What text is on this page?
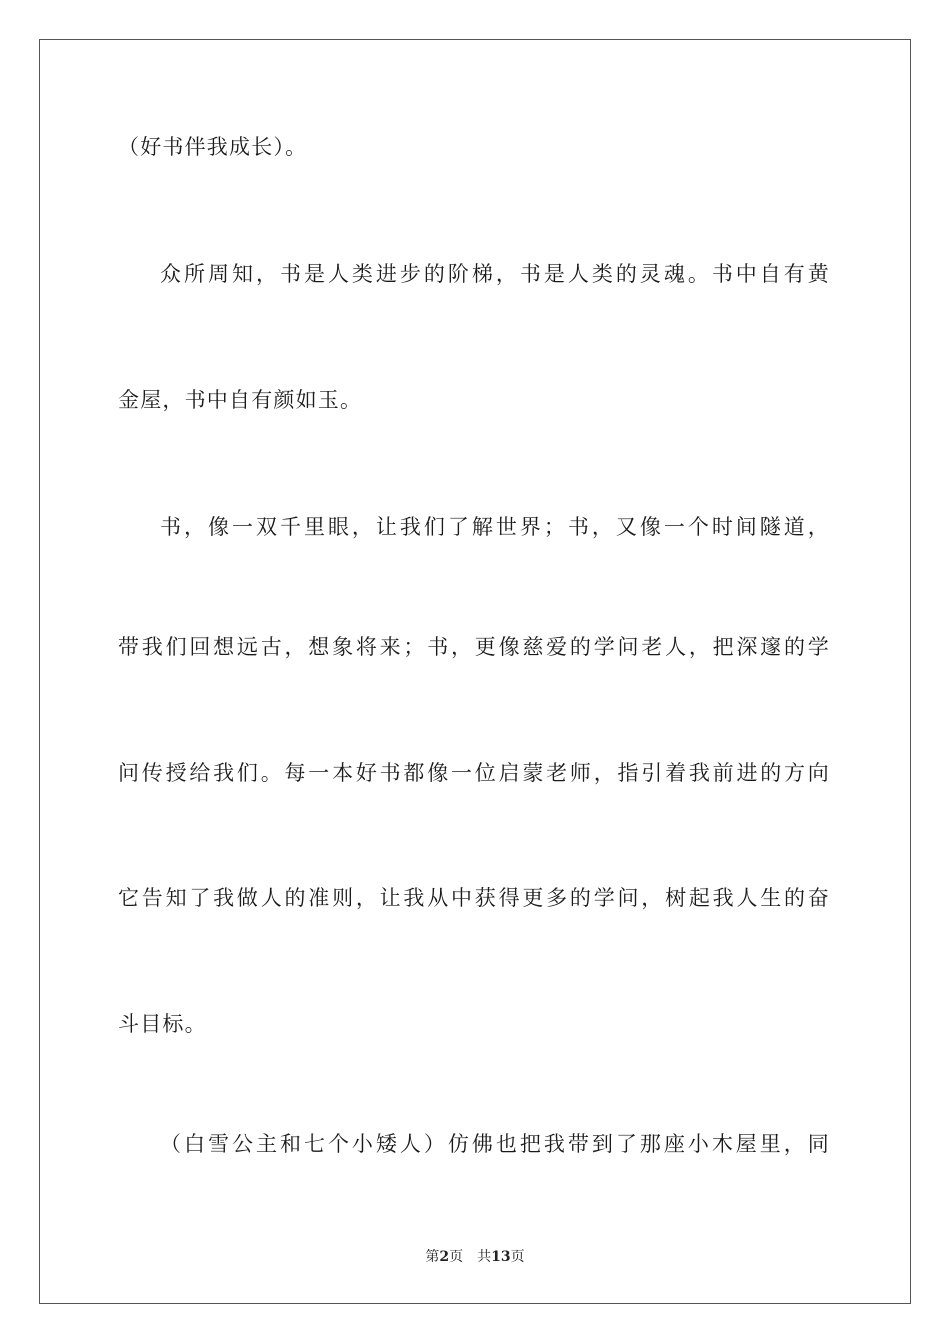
（好书伴我成长）。
众所周知，书是人类进步的阶梯，书是人类的灵魂。书中自有黄
金屋，书中自有颜如玉。
书，像一双千里眼，让我们了解世界；书，又像一个时间隧道，
带我们回想远古，想象将来；书，更像慈爱的学问老人，把深邃的学
问传授给我们。每一本好书都像一位启蒙老师，指引着我前进的方向
它告知了我做人的准则，让我从中获得更多的学问，树起我人生的奋
斗目标。
（白雪公主和七个小矮人）仿佛也把我带到了那座小木屋里，同
第2页 共13页
